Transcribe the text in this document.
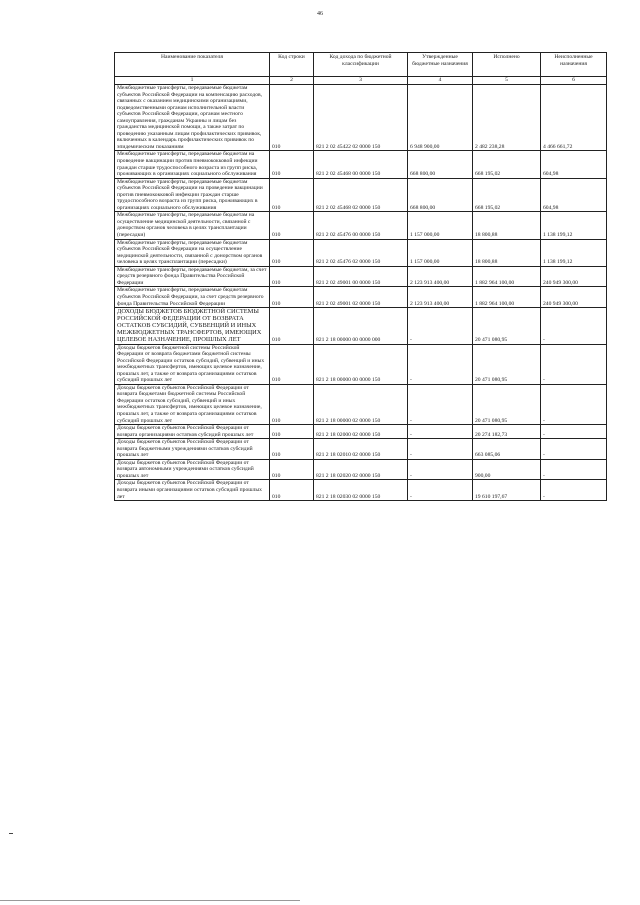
46
Наименование показателя	Код строки	Код дохода по бюджетной классификации	Утвержденные бюджетные назначения	Исполнено	Неисполненные назначения
1	2	3	4	5	6
Межбюджетные трансферты, передаваемые бюджетам субъектов Российской Федерации на компенсацию расходов, связанных с оказанием медицинскими организациями, подведомственными органам исполнительной власти субъектов Российской Федерации, органам местного самоуправления, гражданам Украины и лицам без гражданства медицинской помощи, а также затрат по проведению указанным лицам профилактических прививок, включенных в календарь профилактических прививок по эпидемическим показаниям	010	821 2 02 45422 02 0000 150	6 948 900,00	2 482 238,28	4 466 661,72
Межбюджетные трансферты, передаваемые бюджетам на проведение вакцинации против пневмококковой инфекции граждан старше трудоспособного возраста из групп риска, проживающих в организациях социального обслуживания	010	821 2 02 45468 00 0000 150	668 800,00	668 195,02	604,98
Межбюджетные трансферты, передаваемые бюджетам субъектов Российской Федерации на проведение вакцинации против пневмококковой инфекции граждан старше трудоспособного возраста из групп риска, проживающих в организациях социального обслуживания	010	821 2 02 45468 02 0000 150	668 800,00	668 195,02	604,98
Межбюджетные трансферты, передаваемые бюджетам на осуществление медицинской деятельности, связанной с донорством органов человека в целях трансплантации (пересадки)	010	821 2 02 45476 00 0000 150	1 157 000,00	18 800,88	1 138 199,12
Межбюджетные трансферты, передаваемые бюджетам субъектов Российской Федерации на осуществление медицинской деятельности, связанной с донорством органов человека в целях трансплантации (пересадки)	010	821 2 02 45476 02 0000 150	1 157 000,00	18 800,88	1 138 199,12
Межбюджетные трансферты, передаваемые бюджетам, за счет средств резервного фонда Правительства Российской Федерации	010	821 2 02 49001 00 0000 150	2 123 913 400,00	1 882 964 100,00	240 949 300,00
Межбюджетные трансферты, передаваемые бюджетам субъектов Российской Федерации, за счет средств резервного фонда Правительства Российской Федерации	010	821 2 02 49001 02 0000 150	2 123 913 400,00	1 882 964 100,00	240 949 300,00
ДОХОДЫ БЮДЖЕТОВ БЮДЖЕТНОЙ СИСТЕМЫ РОССИЙСКОЙ ФЕДЕРАЦИИ ОТ ВОЗВРАТА ОСТАТКОВ СУБСИДИЙ, СУБВЕНЦИЙ И ИНЫХ МЕЖБЮДЖЕТНЫХ ТРАНСФЕРТОВ, ИМЕЮЩИХ ЦЕЛЕВОЕ НАЗНАЧЕНИЕ, ПРОШЛЫХ ЛЕТ	010	821 2 18 00000 00 0000 000	-	20 471 080,95	-
Доходы бюджетов бюджетной системы Российской Федерации от возврата бюджетами бюджетной системы Российской Федерации остатков субсидий, субвенций и иных межбюджетных трансфертов, имеющих целевое назначение, прошлых лет, а также от возврата организациями остатков субсидий прошлых лет	010	821 2 18 00000 00 0000 150	-	20 471 080,95	-
Доходы бюджетов субъектов Российской Федерации от возврата бюджетами бюджетной системы Российской Федерации остатков субсидий, субвенций и иных межбюджетных трансфертов, имеющих целевое назначение, прошлых лет, а также от возврата организациями остатков субсидий прошлых лет	010	821 2 18 00000 02 0000 150	-	20 471 080,95	-
Доходы бюджетов субъектов Российской Федерации от возврата организациями остатков субсидий прошлых лет	010	821 2 18 02000 02 0000 150	-	20 274 182,73	-
Доходы бюджетов субъектов Российской Федерации от возврата бюджетными учреждениями остатков субсидий прошлых лет	010	821 2 18 02010 02 0000 150	-	663 085,06	-
Доходы бюджетов субъектов Российской Федерации от возврата автономными учреждениями остатков субсидий прошлых лет	010	821 2 18 02020 02 0000 150	-	900,00	-
Доходы бюджетов субъектов Российской Федерации от возврата иными организациями остатков субсидий прошлых лет	010	821 2 18 02030 02 0000 150	-	19 610 197,67	-
